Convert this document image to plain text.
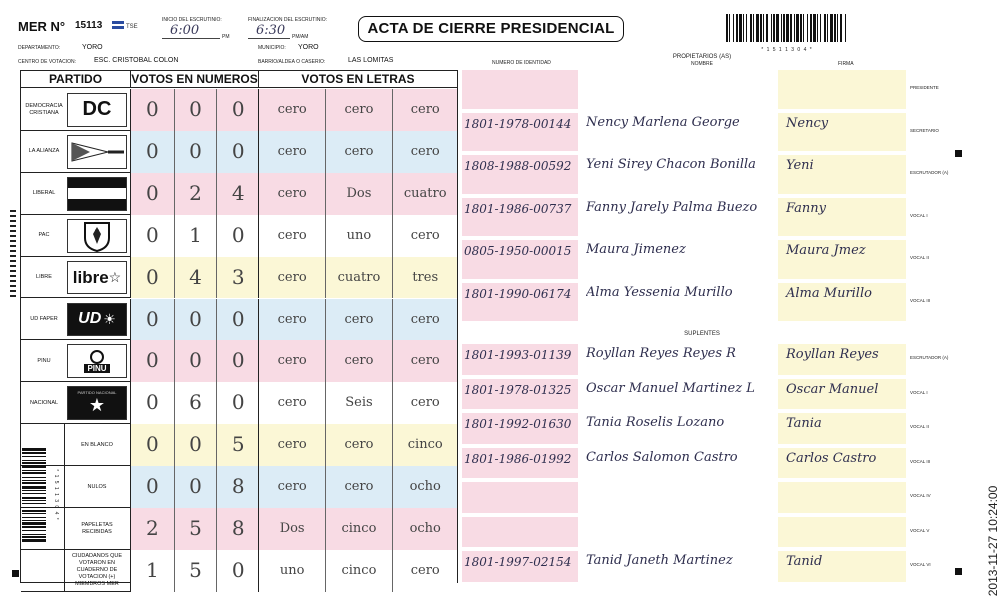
MER N° 15113	TSE
INICIO DEL ESCRUTINIO:
6:00	PM
FINALIZACION DEL ESCRUTINIO:
6:30 PM/AM	ACTA DE CIERRE PRESIDENCIAL
* 1 5 1 1 3 0 4 *
DEPARTAMENTO:	YORO	MUNICIPIO: YORO
CENTRO DE VOTACION:	ESC. CRISTOBAL COLON	BARRIO/ALDEA O CASERIO:	LAS LOMITAS
PARTIDO	VOTOS EN NUMEROS	VOTOS EN LETRAS
DEMOCRACIA CRISTIANA	DC	0	0	0	cero	cero	cero
LA ALIANZA	0	0	0	cero	cero	cero
LIBERAL	0	2	4	cero	Dos	cuatro
PAC	0	1	0	cero	uno	cero
LIBRE	libre ☆	0	4	3	cero	cuatro	tres
UD FAPER	UD ☀	0	0	0	cero	cero	cero
PINU
PINU	0	0	0	cero	cero	cero
NACIONAL
PARTIDO NACIONAL
★	0	6	0	cero	Seis	cero
EN BLANCO	0	0	5	cero	cero	cinco
NULOS	0	0	8	cero	cero	ocho
PAPELETAS RECIBIDAS	2	5	8	Dos	cinco	ocho
CIUDADANOS QUE VOTARON EN CUADERNO DE VOTACION (+) MIEMBROS MER
1	5	0	uno	cinco	cero
NUMERO DE IDENTIDAD
PROPIETARIOS (AS)
NOMBRE	FIRMA
PRESIDENTE
1801-1978-00144 Nency Marlena George	Nency	SECRETARIO
1808-1988-00592 Yeni Sirey Chacon Bonilla	Yeni	ESCRUTADOR (A)
1801-1986-00737 Fanny Jarely Palma Buezo	Fanny	VOCAL I
0805-1950-00015 Maura Jimenez	Maura Jmez	VOCAL II
1801-1990-06174 Alma Yessenia Murillo	Alma Murillo	VOCAL III
SUPLENTES
1801-1993-01139 Royllan Reyes Reyes R	Royllan Reyes	ESCRUTADOR (A)
1801-1978-01325 Oscar Manuel Martinez L	Oscar Manuel	VOCAL I
1801-1992-01630 Tania Roselis Lozano	Tania	VOCAL II
1801-1986-01992 Carlos Salomon Castro	Carlos Castro	VOCAL III
VOCAL IV
VOCAL V
1801-1997-02154 Tanid Janeth Martinez	Tanid	VOCAL VI
* 1 5 1 1 3 0 4 *	2013-11-27 10:24:00
